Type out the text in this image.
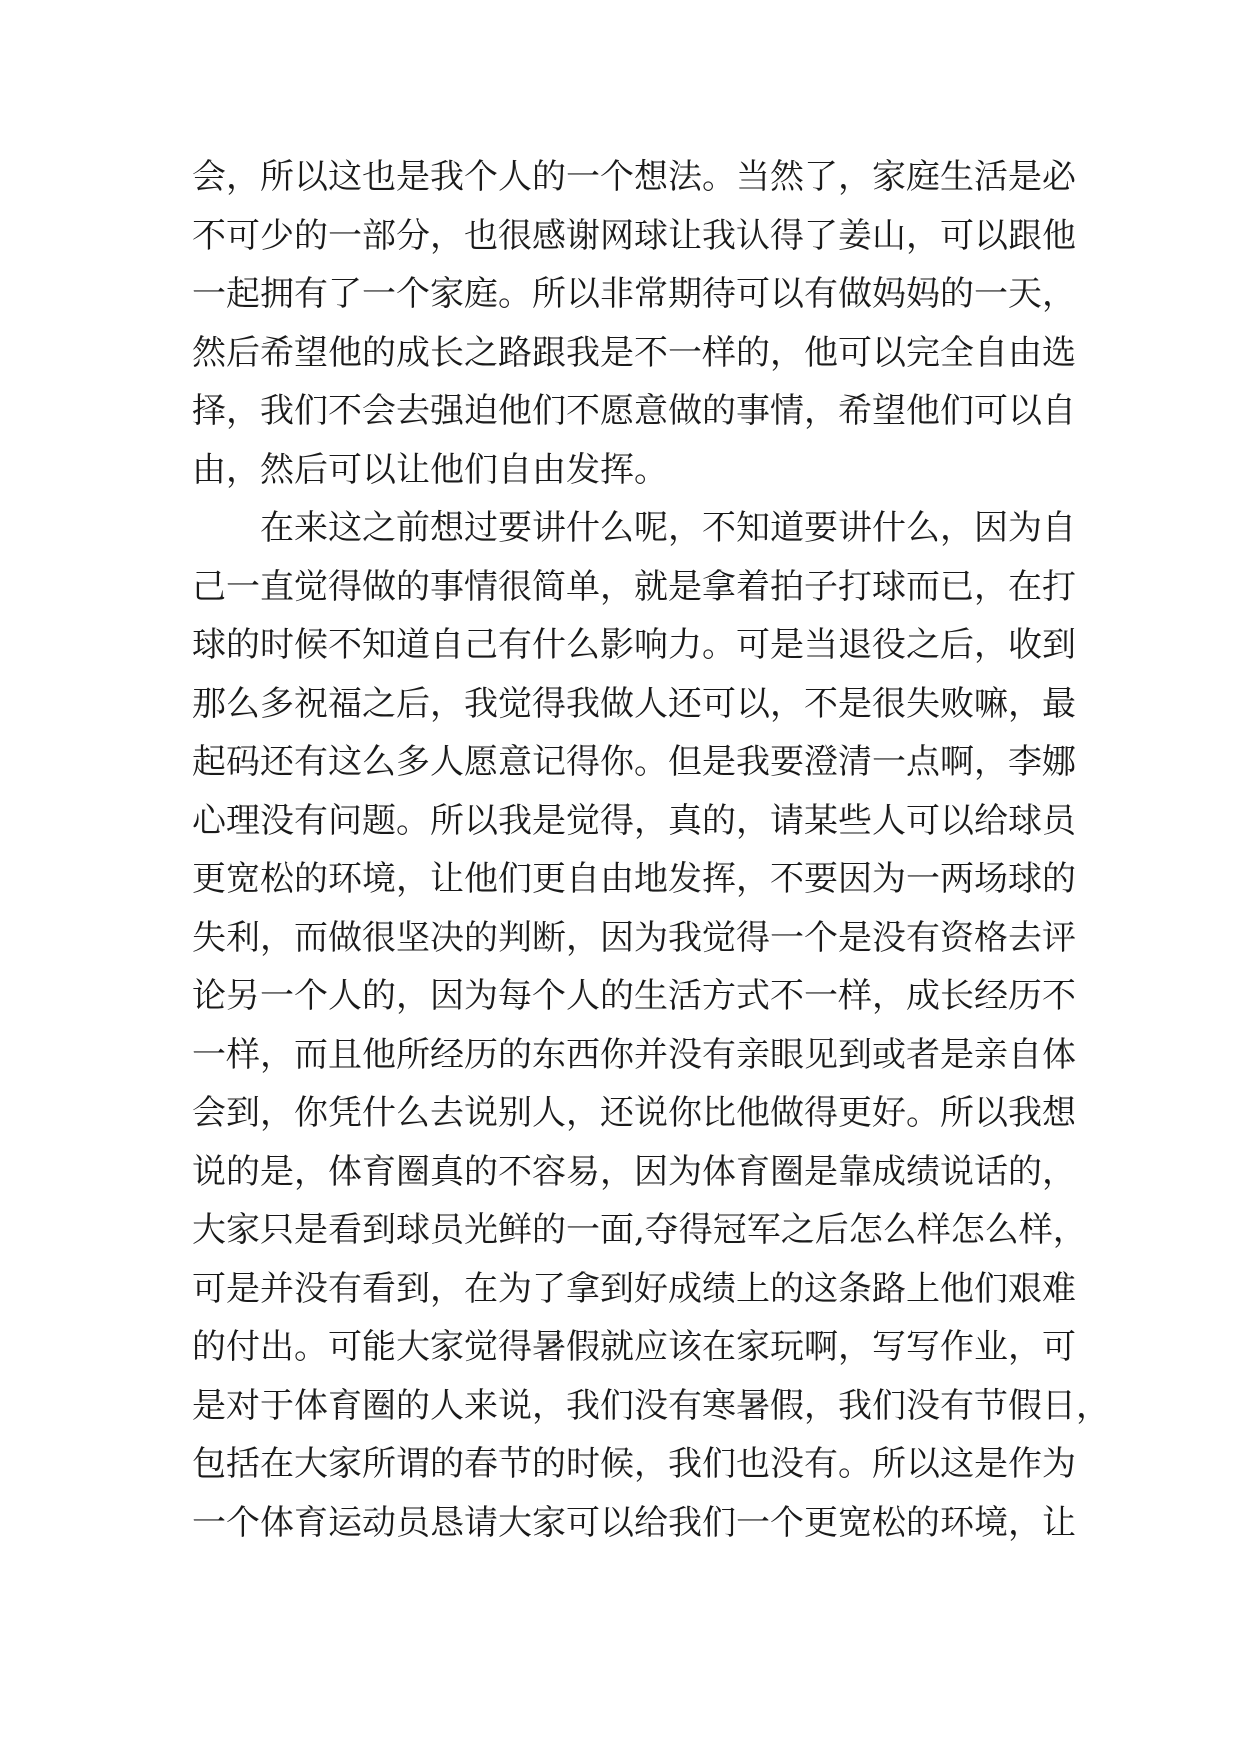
会，所以这也是我个人的一个想法。当然了，家庭生活是必
不可少的一部分，也很感谢网球让我认得了姜山，可以跟他
一起拥有了一个家庭。所以非常期待可以有做妈妈的一天，
然后希望他的成长之路跟我是不一样的，他可以完全自由选
择，我们不会去强迫他们不愿意做的事情，希望他们可以自
由，然后可以让他们自由发挥。
在来这之前想过要讲什么呢，不知道要讲什么，因为自
己一直觉得做的事情很简单，就是拿着拍子打球而已，在打
球的时候不知道自己有什么影响力。可是当退役之后，收到
那么多祝福之后，我觉得我做人还可以，不是很失败嘛，最
起码还有这么多人愿意记得你。但是我要澄清一点啊，李娜
心理没有问题。所以我是觉得，真的，请某些人可以给球员
更宽松的环境，让他们更自由地发挥，不要因为一两场球的
失利，而做很坚决的判断，因为我觉得一个是没有资格去评
论另一个人的，因为每个人的生活方式不一样，成长经历不
一样，而且他所经历的东西你并没有亲眼见到或者是亲自体
会到，你凭什么去说别人，还说你比他做得更好。所以我想
说的是，体育圈真的不容易，因为体育圈是靠成绩说话的，
大家只是看到球员光鲜的一面,夺得冠军之后怎么样怎么样，
可是并没有看到，在为了拿到好成绩上的这条路上他们艰难
的付出。可能大家觉得暑假就应该在家玩啊，写写作业，可
是对于体育圈的人来说，我们没有寒暑假，我们没有节假日，
包括在大家所谓的春节的时候，我们也没有。所以这是作为
一个体育运动员恳请大家可以给我们一个更宽松的环境，让
